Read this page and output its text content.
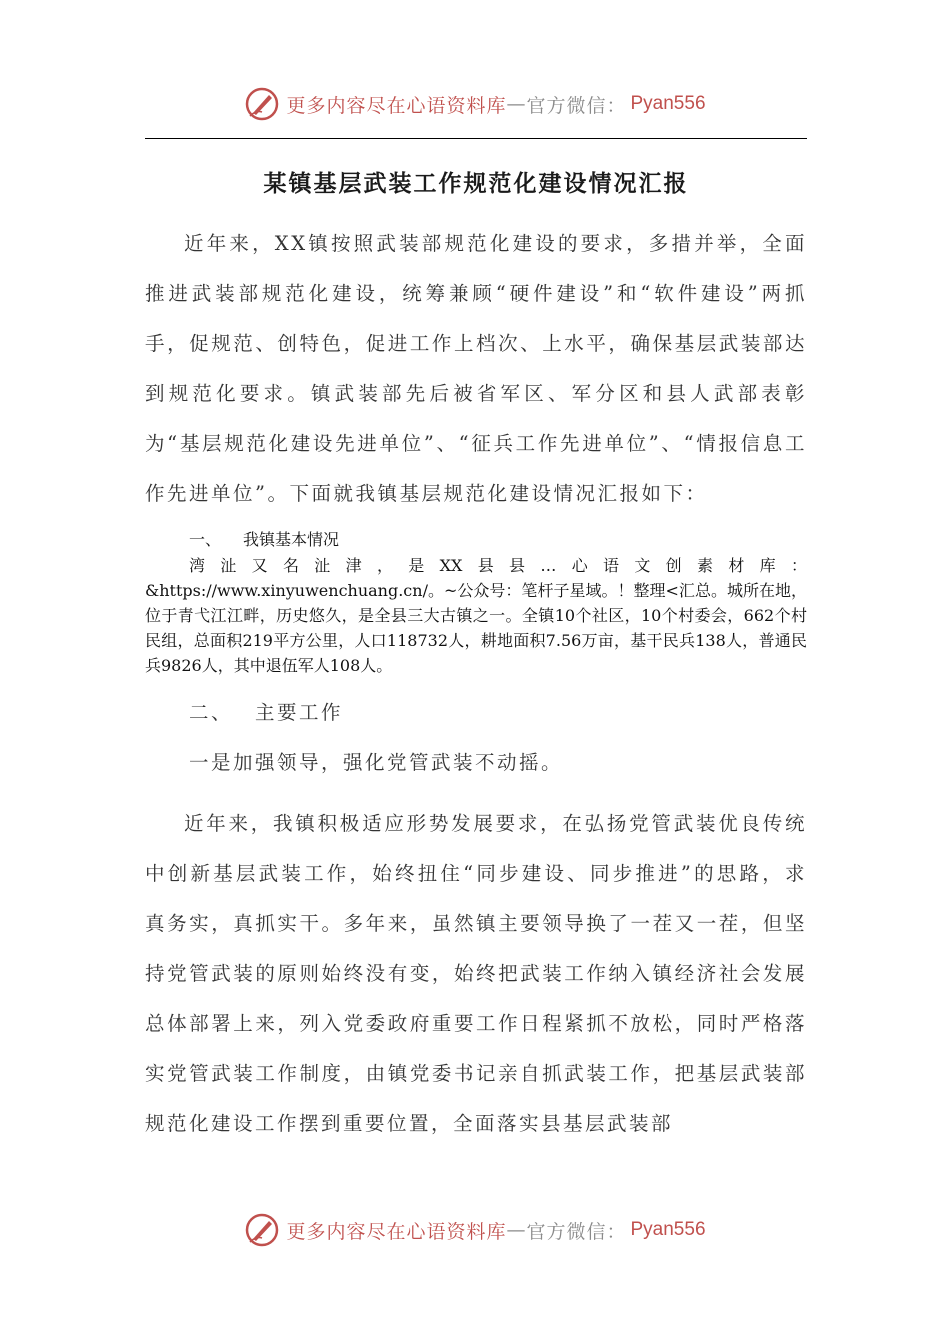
更多内容尽在心语资料库 — 官方微信： Pyan556
某镇基层武装工作规范化建设情况汇报

近年来，XX镇按照武装部规范化建设的要求，多措并举，全面推进武装部规范化建设，统筹兼顾“硬件建设”和“软件建设”两抓手，促规范、创特色，促进工作上档次、上水平，确保基层武装部达到规范化要求。镇武装部先后被省军区、军分区和县人武部表彰为“基层规范化建设先进单位”、“征兵工作先进单位”、“情报信息工作先进单位”。下面就我镇基层规范化建设情况汇报如下：

一、 我镇基本情况

湾沚又名沚津，是XX县县…心语文创素材库：&https://www.xinyuwenchuang.cn/。~公众号：笔杆子星域。！整理<汇总。城所在地，位于青弋江江畔，历史悠久，是全县三大古镇之一。全镇10个社区，10个村委会，662个村民组，总面积219平方公里，人口118732人，耕地面积7.56万亩，基干民兵138人，普通民兵9826人，其中退伍军人108人。

二、 主要工作
一是加强领导，强化党管武装不动摇。

近年来，我镇积极适应形势发展要求，在弘扬党管武装优良传统中创新基层武装工作，始终扭住“同步建设、同步推进”的思路，求真务实，真抓实干。多年来，虽然镇主要领导换了一茬又一茬，但坚持党管武装的原则始终没有变，始终把武装工作纳入镇经济社会发展总体部署上来，列入党委政府重要工作日程紧抓不放松，同时严格落实党管武装工作制度，由镇党委书记亲自抓武装工作，把基层武装部规范化建设工作摆到重要位置，全面落实县基层武装部

更多内容尽在心语资料库 — 官方微信： Pyan556
